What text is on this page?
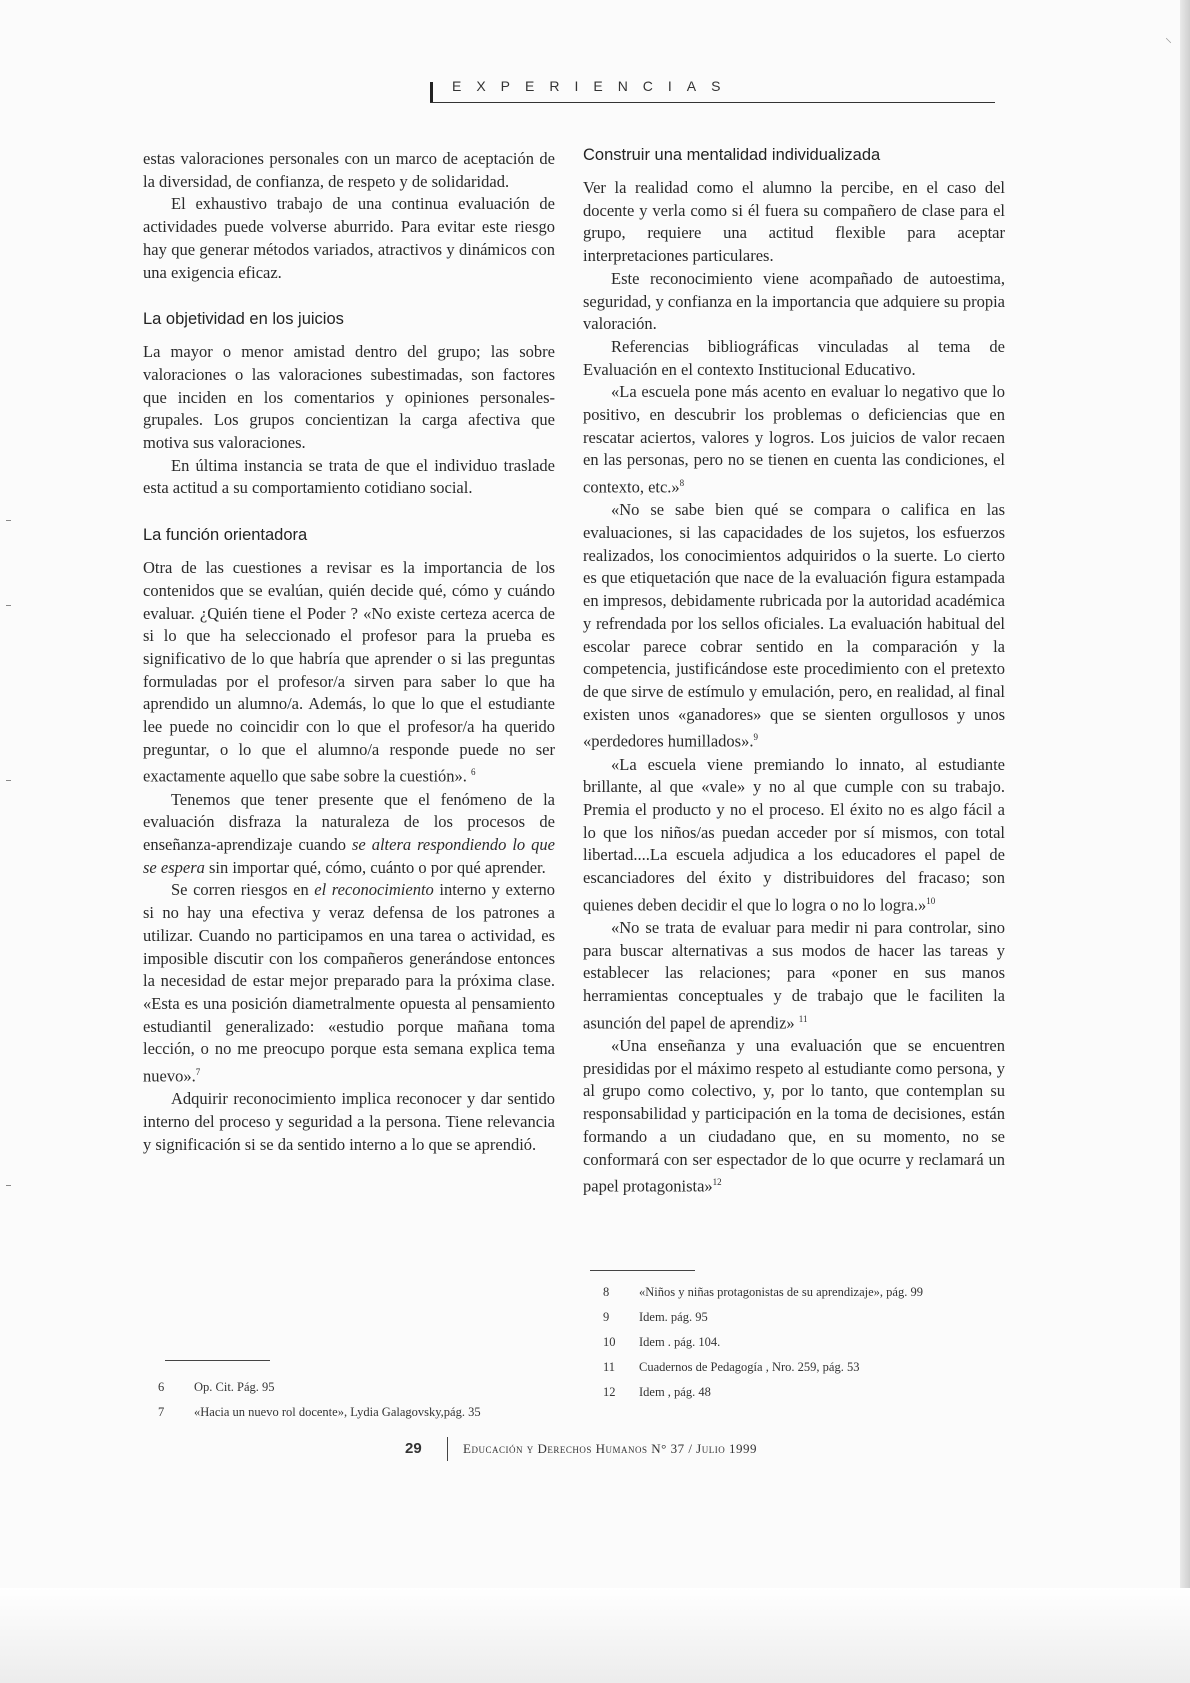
⸜
EXPERIENCIAS

estas valoraciones personales con un marco de aceptación de la diversidad, de confianza, de respeto y de solidaridad.

El exhaustivo trabajo de una continua evaluación de actividades puede volverse aburrido. Para evitar este riesgo hay que generar métodos variados, atractivos y dinámicos con una exigencia eficaz.

La objetividad en los juicios

La mayor o menor amistad dentro del grupo; las sobre valoraciones o las valoraciones subestimadas, son factores que inciden en los comentarios y opiniones personales-grupales. Los grupos concientizan la carga afectiva que motiva sus valoraciones.

En última instancia se trata de que el individuo traslade esta actitud a su comportamiento cotidiano social.

La función orientadora

Otra de las cuestiones a revisar es la importancia de los contenidos que se evalúan, quién decide qué, cómo y cuándo evaluar. ¿Quién tiene el Poder ? «No existe certeza acerca de si lo que ha seleccionado el profesor para la prueba es significativo de lo que habría que aprender o si las preguntas formuladas por el profesor/a sirven para saber lo que ha aprendido un alumno/a. Además, lo que lo que el estudiante lee puede no coincidir con lo que el profesor/a ha querido preguntar, o lo que el alumno/a responde puede no ser exactamente aquello que sabe sobre la cuestión». $^6$

Tenemos que tener presente que el fenómeno de la evaluación disfraza la naturaleza de los procesos de enseñanza-aprendizaje cuando se altera respondiendo lo que se espera sin importar qué, cómo, cuánto o por qué aprender.

Se corren riesgos en el reconocimiento interno y externo si no hay una efectiva y veraz defensa de los patrones a utilizar. Cuando no participamos en una tarea o actividad, es imposible discutir con los compañeros generándose entonces la necesidad de estar mejor preparado para la próxima clase. «Esta es una posición diametralmente opuesta al pensamiento estudiantil generalizado: «estudio porque mañana toma lección, o no me preocupo porque esta semana explica tema nuevo».$^7$

Adquirir reconocimiento implica reconocer y dar sentido interno del proceso y seguridad a la persona. Tiene relevancia y significación si se da sentido interno a lo que se aprendió.

Construir una mentalidad individualizada

Ver la realidad como el alumno la percibe, en el caso del docente y verla como si él fuera su compañero de clase para el grupo, requiere una actitud flexible para aceptar interpretaciones particulares.

Este reconocimiento viene acompañado de autoestima, seguridad, y confianza en la importancia que adquiere su propia valoración.

Referencias bibliográficas vinculadas al tema de Evaluación en el contexto Institucional Educativo.

«La escuela pone más acento en evaluar lo negativo que lo positivo, en descubrir los problemas o deficiencias que en rescatar aciertos, valores y logros. Los juicios de valor recaen en las personas, pero no se tienen en cuenta las condiciones, el contexto, etc.»$^8$

«No se sabe bien qué se compara o califica en las evaluaciones, si las capacidades de los sujetos, los esfuerzos realizados, los conocimientos adquiridos o la suerte. Lo cierto es que etiquetación que nace de la evaluación figura estampada en impresos, debidamente rubricada por la autoridad académica y refrendada por los sellos oficiales. La evaluación habitual del escolar parece cobrar sentido en la comparación y la competencia, justificándose este procedimiento con el pretexto de que sirve de estímulo y emulación, pero, en realidad, al final existen unos «ganadores» que se sienten orgullosos y unos «perdedores humillados».$^9$

«La escuela viene premiando lo innato, al estudiante brillante, al que «vale» y no al que cumple con su trabajo. Premia el producto y no el proceso. El éxito no es algo fácil a lo que los niños/as puedan acceder por sí mismos, con total libertad....La escuela adjudica a los educadores el papel de escanciadores del éxito y distribuidores del fracaso; son quienes deben decidir el que lo logra o no lo logra.»$^{10}$

«No se trata de evaluar para medir ni para controlar, sino para buscar alternativas a sus modos de hacer las tareas y establecer las relaciones; para «poner en sus manos herramientas conceptuales y de trabajo que le faciliten la asunción del papel de aprendiz» $^{11}$

«Una enseñanza y una evaluación que se encuentren presididas por el máximo respeto al estudiante como persona, y al grupo como colectivo, y, por lo tanto, que contemplan su responsabilidad y participación en la toma de decisiones, están formando a un ciudadano que, en su momento, no se conformará con ser espectador de lo que ocurre y reclamará un papel protagonista»$^{12}$

6	Op. Cit. Pág. 95
7	«Hacia un nuevo rol docente», Lydia Galagovsky,pág. 35
8	«Niños y niñas protagonistas de su aprendizaje», pág. 99
9	Idem. pág. 95
10	Idem . pág. 104.
11	Cuadernos de Pedagogía , Nro. 259, pág. 53
12	Idem , pág. 48
29	Educación y Derechos Humanos N° 37 / Julio 1999
